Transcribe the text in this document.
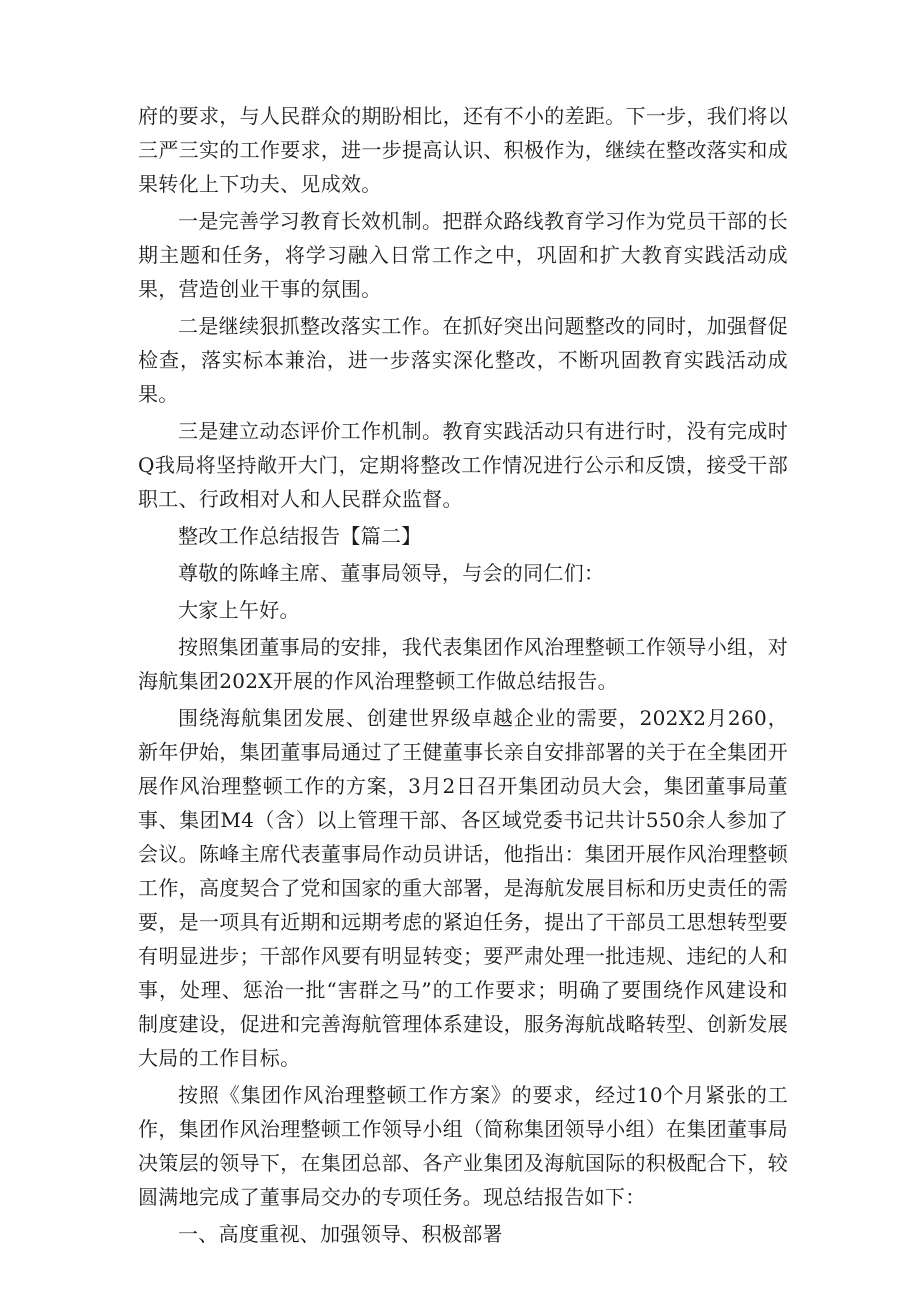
府的要求，与人民群众的期盼相比，还有不小的差距。下一步，我们将以三严三实的工作要求，进一步提高认识、积极作为，继续在整改落实和成果转化上下功夫、见成效。

一是完善学习教育长效机制。把群众路线教育学习作为党员干部的长期主题和任务，将学习融入日常工作之中，巩固和扩大教育实践活动成果，营造创业干事的氛围。

二是继续狠抓整改落实工作。在抓好突出问题整改的同时，加强督促检查，落实标本兼治，进一步落实深化整改，不断巩固教育实践活动成果。

三是建立动态评价工作机制。教育实践活动只有进行时，没有完成时Q我局将坚持敞开大门，定期将整改工作情况进行公示和反馈，接受干部职工、行政相对人和人民群众监督。

整改工作总结报告【篇二】

尊敬的陈峰主席、董事局领导，与会的同仁们：

大家上午好。

按照集团董事局的安排，我代表集团作风治理整顿工作领导小组，对海航集团202X开展的作风治理整顿工作做总结报告。

围绕海航集团发展、创建世界级卓越企业的需要，202X2月260，新年伊始，集团董事局通过了王健董事长亲自安排部署的关于在全集团开展作风治理整顿工作的方案，3月2日召开集团动员大会，集团董事局董事、集团M4（含）以上管理干部、各区域党委书记共计550余人参加了会议。陈峰主席代表董事局作动员讲话，他指出：集团开展作风治理整顿工作，高度契合了党和国家的重大部署，是海航发展目标和历史责任的需要，是一项具有近期和远期考虑的紧迫任务，提出了干部员工思想转型要有明显进步；干部作风要有明显转变；要严肃处理一批违规、违纪的人和事，处理、惩治一批“害群之马”的工作要求；明确了要围绕作风建设和制度建设，促进和完善海航管理体系建设，服务海航战略转型、创新发展大局的工作目标。

按照《集团作风治理整顿工作方案》的要求，经过10个月紧张的工作，集团作风治理整顿工作领导小组（简称集团领导小组）在集团董事局决策层的领导下，在集团总部、各产业集团及海航国际的积极配合下，较圆满地完成了董事局交办的专项任务。现总结报告如下：

一、高度重视、加强领导、积极部署
